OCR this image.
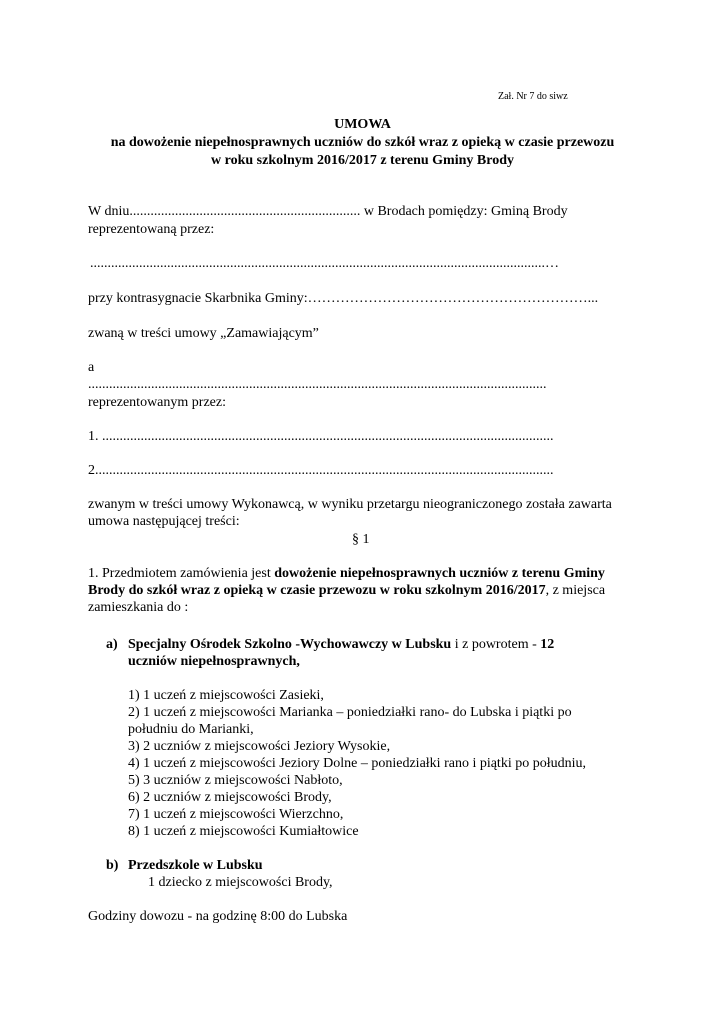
Zał. Nr 7 do siwz
UMOWA
na dowożenie niepełnosprawnych uczniów do szkół wraz z opieką w czasie przewozu
w roku szkolnym 2016/2017 z terenu Gminy Brody
W dniu.................................................................. w Brodach pomiędzy: Gminą Brody
reprezentowaną przez:
..................................................................................................................................…
przy kontrasygnacie Skarbnika Gminy:……………………………………………………...
zwaną w treści umowy „Zamawiającym”
a
...................................................................................................................................
reprezentowanym przez:
1. .................................................................................................................................
2...................................................................................................................................
zwanym w treści umowy Wykonawcą, w wyniku przetargu nieograniczonego została zawarta
umowa następującej treści:
§ 1
1. Przedmiotem zamówienia jest dowożenie niepełnosprawnych uczniów z terenu Gminy
Brody do szkół wraz z opieką w czasie przewozu w roku szkolnym 2016/2017, z miejsca
zamieszkania do :
a) Specjalny Ośrodek Szkolno -Wychowawczy w Lubsku i z powrotem - 12
uczniów niepełnosprawnych,
1) 1 uczeń z miejscowości Zasieki,
2) 1 uczeń z miejscowości Marianka – poniedziałki rano- do Lubska i piątki po
południu do Marianki,
3) 2 uczniów z miejscowości Jeziory Wysokie,
4) 1 uczeń z miejscowości Jeziory Dolne – poniedziałki rano i piątki po południu,
5) 3 uczniów z miejscowości Nabłoto,
6) 2 uczniów z miejscowości Brody,
7) 1 uczeń z miejscowości Wierzchno,
8) 1 uczeń z miejscowości Kumiałtowice
b) Przedszkole w Lubsku
1 dziecko z miejscowości Brody,
Godziny dowozu - na godzinę 8:00 do Lubska
